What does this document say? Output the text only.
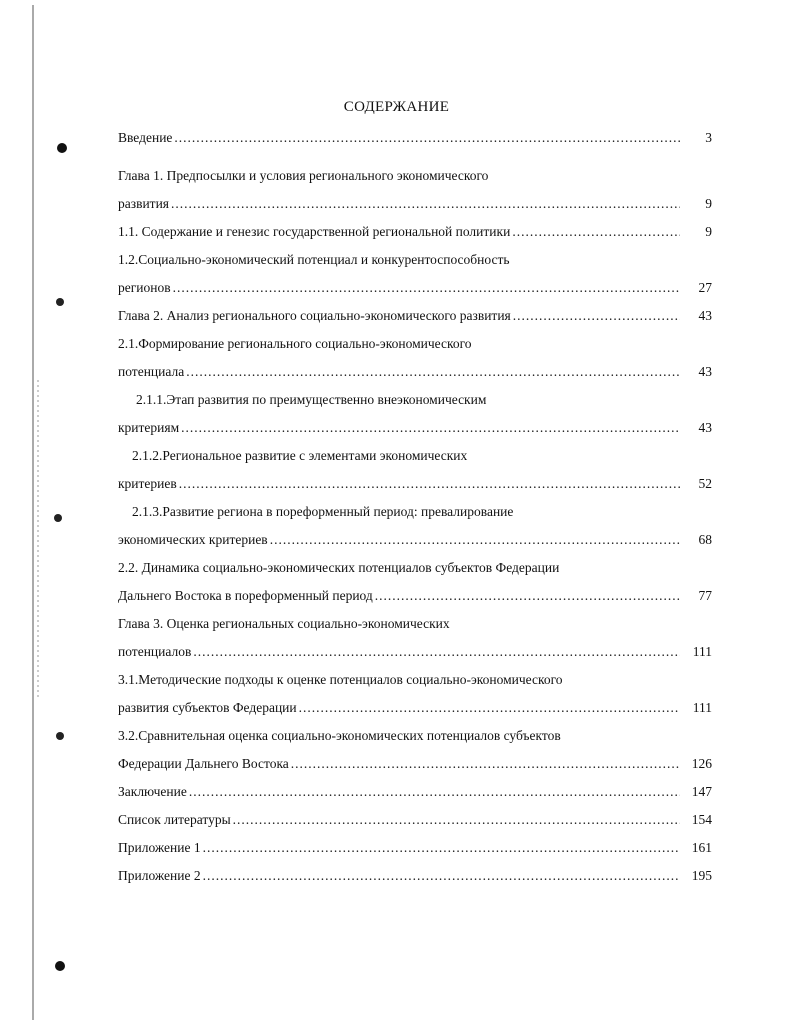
СОДЕРЖАНИЕ
Введение .....	3
Глава 1. Предпосылки и условия регионального экономического
развития .....	9
1.1. Содержание и генезис государственной региональной политики .....	9
1.2.Социально-экономический потенциал и конкурентоспособность
регионов .....	27
Глава 2. Анализ регионального социально-экономического развития .....	43
2.1.Формирование регионального социально-экономического
потенциала .....	43
2.1.1.Этап развития по преимущественно внеэкономическим
критериям .....	43
2.1.2.Региональное развитие с элементами экономических
критериев .....	52
2.1.3.Развитие региона в пореформенный период: превалирование
экономических критериев .....	68
2.2. Динамика социально-экономических потенциалов субъектов Федерации
Дальнего Востока в пореформенный период .....	77
Глава 3. Оценка региональных социально-экономических
потенциалов .....	111
3.1.Методические подходы к оценке потенциалов социально-экономического
развития субъектов Федерации .....	111
3.2.Сравнительная оценка социально-экономических потенциалов субъектов
Федерации Дальнего Востока .....	126
Заключение .....	147
Список литературы .....	154
Приложение 1 .....	161
Приложение 2 .....	195
